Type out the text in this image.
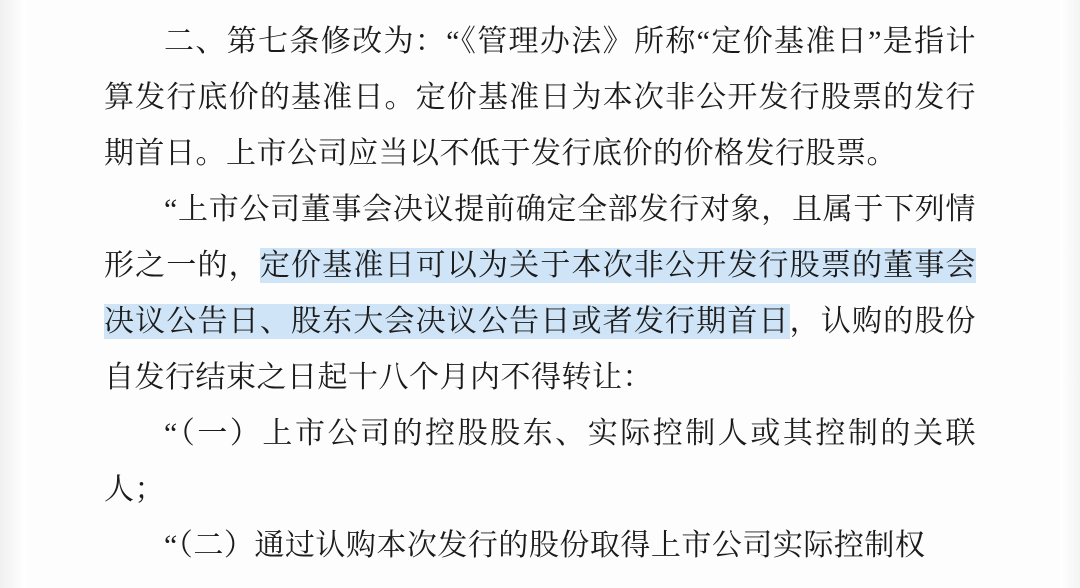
二、第七条修改为：“《管理办法》所称“定价基准日”是指计算发行底价的基准日。定价基准日为本次非公开发行股票的发行期首日。上市公司应当以不低于发行底价的价格发行股票。

“上市公司董事会决议提前确定全部发行对象，且属于下列情形之一的，定价基准日可以为关于本次非公开发行股票的董事会决议公告日、股东大会决议公告日或者发行期首日，认购的股份自发行结束之日起十八个月内不得转让：

“（一）上市公司的控股股东、实际控制人或其控制的关联人；

“（二）通过认购本次发行的股份取得上市公司实际控制权
